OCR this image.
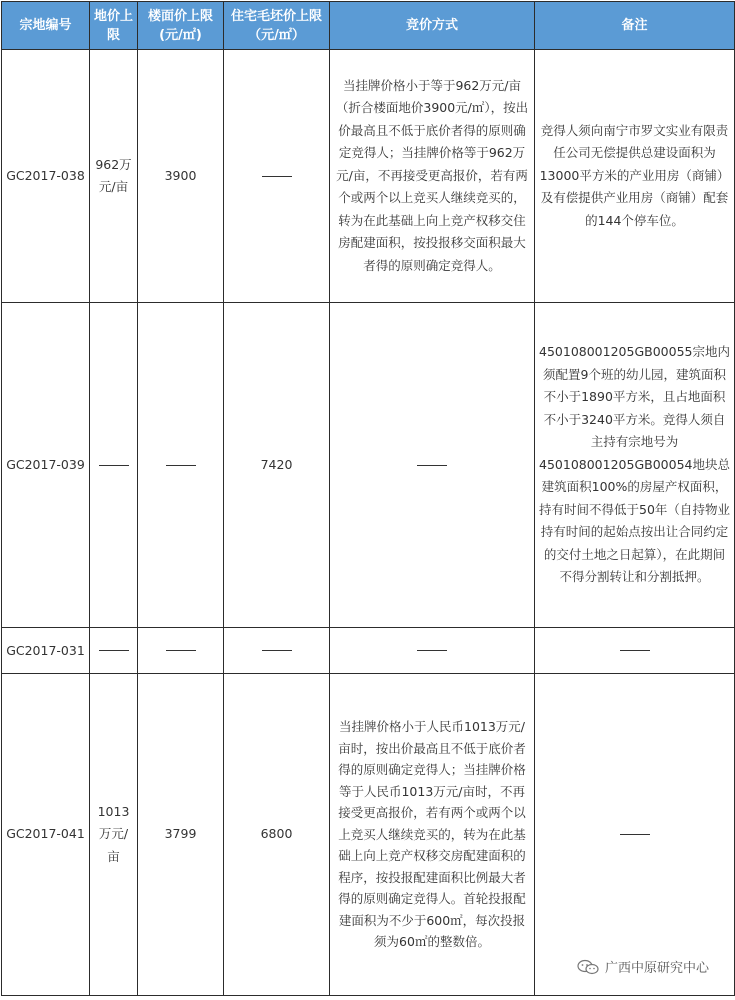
宗地编号	地价上限	楼面价上限(元/㎡)	住宅毛坯价上限（元/㎡）	竞价方式	备注
GC2017-038	962万元/亩	3900		当挂牌价格小于等于962万元/亩（折合楼面地价3900元/㎡），按出价最高且不低于底价者得的原则确定竞得人；当挂牌价格等于962万元/亩，不再接受更高报价，若有两个或两个以上竞买人继续竞买的，转为在此基础上向上竞产权移交住房配建面积，按投报移交面积最大者得的原则确定竞得人。	竞得人须向南宁市罗文实业有限责任公司无偿提供总建设面积为13000平方米的产业用房（商铺）及有偿提供产业用房（商铺）配套的144个停车位。
GC2017-039			7420		450108001205GB00055宗地内须配置9个班的幼儿园，建筑面积不小于1890平方米，且占地面积不小于3240平方米。竞得人须自主持有宗地号为450108001205GB00054地块总建筑面积100%的房屋产权面积，持有时间不得低于50年（自持物业持有时间的起始点按出让合同约定的交付土地之日起算），在此期间不得分割转让和分割抵押。
GC2017-031					
GC2017-041	1013万元/亩	3799	6800	当挂牌价格小于人民币1013万元/亩时，按出价最高且不低于底价者得的原则确定竞得人；当挂牌价格等于人民币1013万元/亩时，不再接受更高报价，若有两个或两个以上竞买人继续竞买的，转为在此基础上向上竞产权移交房配建面积的程序，按投报配建面积比例最大者得的原则确定竞得人。首轮投报配建面积为不少于600㎡，每次投报须为60㎡的整数倍。	
广西中原研究中心
